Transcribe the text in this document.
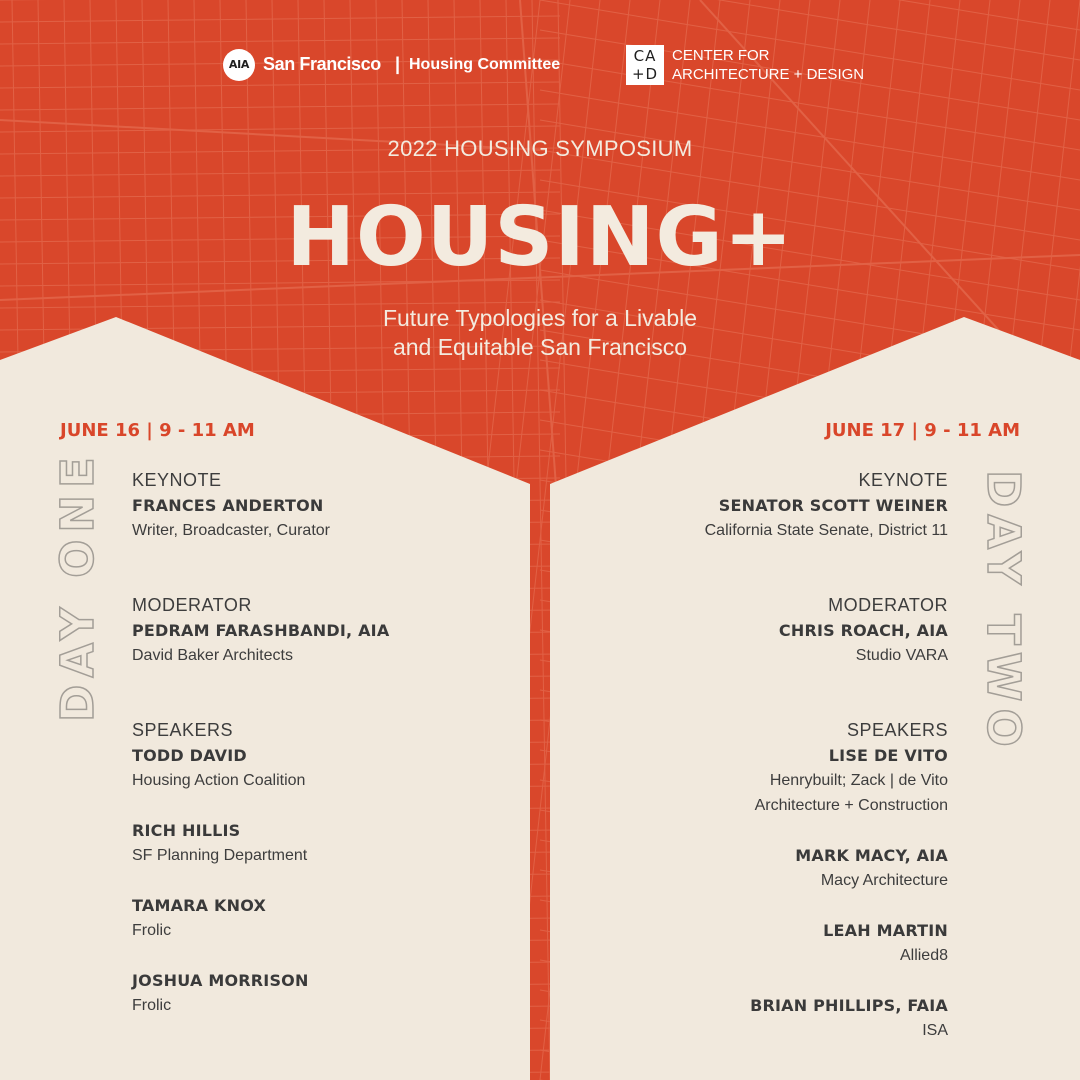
AIA San Francisco | Housing Committee	CA
+D
CENTER FOR
ARCHITECTURE + DESIGN
2022 HOUSING SYMPOSIUM
HOUSING+
Future Typologies for a Livable
and Equitable San Francisco
JUNE 16 | 9 - 11 AM	JUNE 17 | 9 - 11 AM
DAY ONE	DAY TWO
KEYNOTE
FRANCES ANDERTON
Writer, Broadcaster, Curator
MODERATOR
PEDRAM FARASHBANDI, AIA
David Baker Architects
SPEAKERS
TODD DAVID
Housing Action Coalition
RICH HILLIS
SF Planning Department
TAMARA KNOX
Frolic
JOSHUA MORRISON
Frolic
KEYNOTE
SENATOR SCOTT WEINER
California State Senate, District 11
MODERATOR
CHRIS ROACH, AIA
Studio VARA
SPEAKERS
LISE DE VITO
Henrybuilt; Zack | de Vito
Architecture + Construction
MARK MACY, AIA
Macy Architecture
LEAH MARTIN
Allied8
BRIAN PHILLIPS, FAIA
ISA
